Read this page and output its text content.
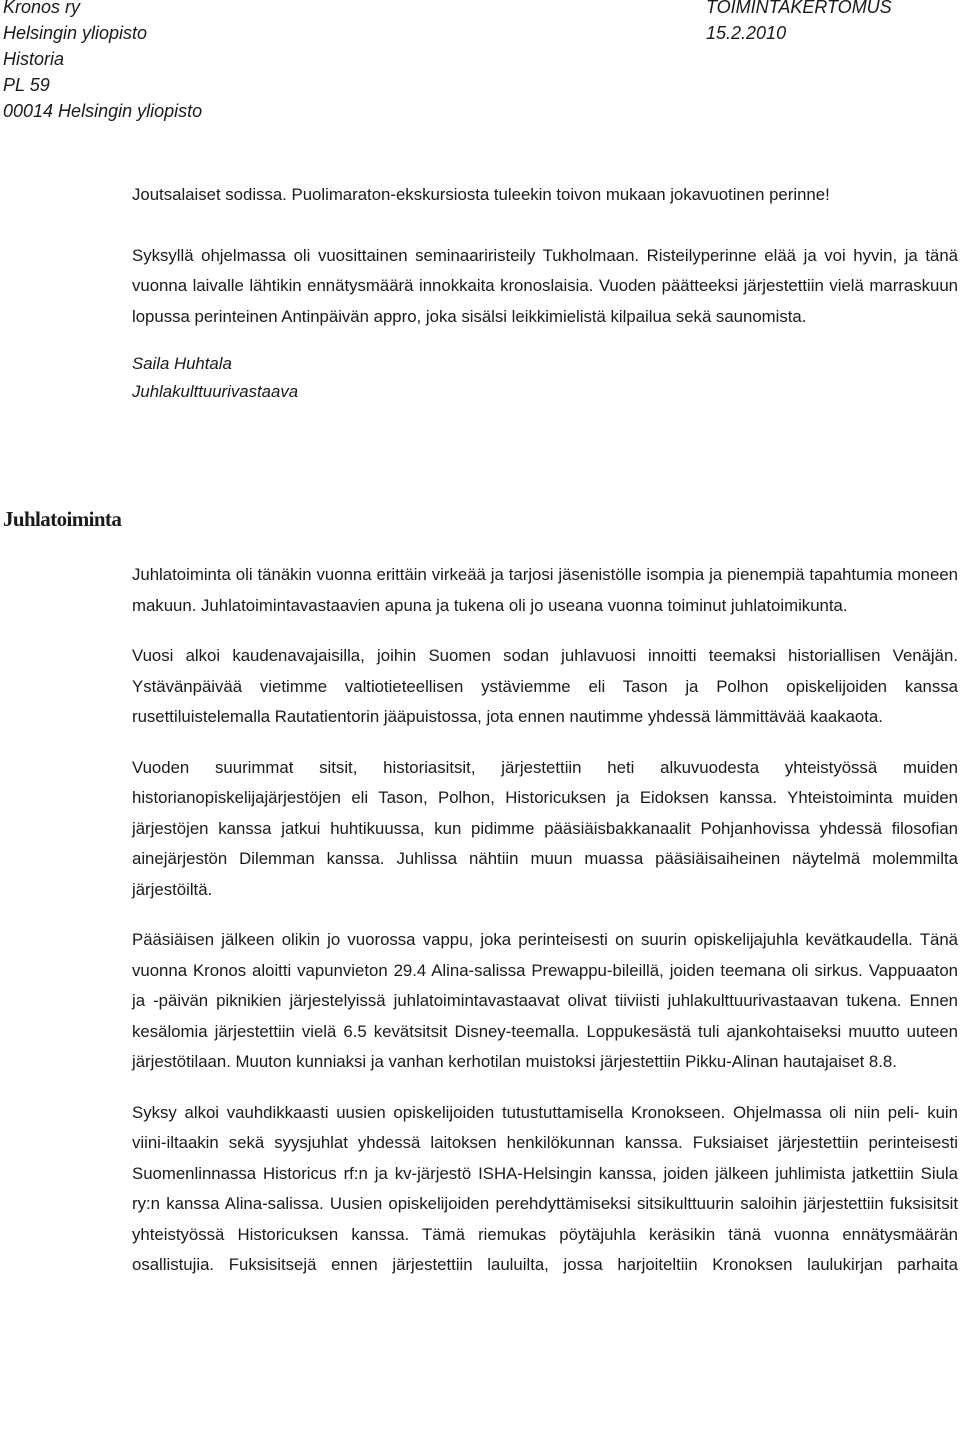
Kronos ry
Helsingin yliopisto
Historia
PL 59
00014 Helsingin yliopisto
TOIMINTAKERTOMUS
15.2.2010

Joutsalaiset sodissa. Puolimaraton-ekskursiosta tuleekin toivon mukaan jokavuotinen perinne!

Syksyllä ohjelmassa oli vuosittainen seminaariristeily Tukholmaan. Risteilyperinne elää ja voi hyvin, ja tänä vuonna laivalle lähtikin ennätysmäärä innokkaita kronoslaisia. Vuoden päätteeksi järjestettiin vielä marraskuun lopussa perinteinen Antinpäivän appro, joka sisälsi leikkimielistä kilpailua sekä saunomista.

Saila Huhtala

Juhlakulttuurivastaava

Juhlatoiminta

Juhlatoiminta oli tänäkin vuonna erittäin virkeää ja tarjosi jäsenistölle isompia ja pienempiä tapahtumia moneen makuun. Juhlatoimintavastaavien apuna ja tukena oli jo useana vuonna toiminut juhlatoimikunta.

Vuosi alkoi kaudenavajaisilla, joihin Suomen sodan juhlavuosi innoitti teemaksi historiallisen Venäjän. Ystävänpäivää vietimme valtiotieteellisen ystäviemme eli Tason ja Polhon opiskelijoiden kanssa rusettiluistelemalla Rautatientorin jääpuistossa, jota ennen nautimme yhdessä lämmittävää kaakaota.

Vuoden suurimmat sitsit, historiasitsit, järjestettiin heti alkuvuodesta yhteistyössä muiden historianopiskelijajärjestöjen eli Tason, Polhon, Historicuksen ja Eidoksen kanssa. Yhteistoiminta muiden järjestöjen kanssa jatkui huhtikuussa, kun pidimme pääsiäisbakkanaalit Pohjanhovissa yhdessä filosofian ainejärjestön Dilemman kanssa. Juhlissa nähtiin muun muassa pääsiäisaiheinen näytelmä molemmilta järjestöiltä.

Pääsiäisen jälkeen olikin jo vuorossa vappu, joka perinteisesti on suurin opiskelijajuhla kevätkaudella. Tänä vuonna Kronos aloitti vapunvieton 29.4 Alina-salissa Prewappu-bileillä, joiden teemana oli sirkus. Vappuaaton ja -päivän piknikien järjestelyissä juhlatoimintavastaavat olivat tiiviisti juhlakulttuurivastaavan tukena. Ennen kesälomia järjestettiin vielä 6.5 kevätsitsit Disney-teemalla. Loppukesästä tuli ajankohtaiseksi muutto uuteen järjestötilaan. Muuton kunniaksi ja vanhan kerhotilan muistoksi järjestettiin Pikku-Alinan hautajaiset 8.8.

Syksy alkoi vauhdikkaasti uusien opiskelijoiden tutustuttamisella Kronokseen. Ohjelmassa oli niin peli- kuin viini-iltaakin sekä syysjuhlat yhdessä laitoksen henkilökunnan kanssa. Fuksiaiset järjestettiin perinteisesti Suomenlinnassa Historicus rf:n ja kv-järjestö ISHA-Helsingin kanssa, joiden jälkeen juhlimista jatkettiin Siula ry:n kanssa Alina-salissa. Uusien opiskelijoiden perehdyttämiseksi sitsikulttuurin saloihin järjestettiin fuksisitsit yhteistyössä Historicuksen kanssa. Tämä riemukas pöytäjuhla keräsikin tänä vuonna ennätysmäärän osallistujia. Fuksisitsejä ennen järjestettiin lauluilta, jossa harjoiteltiin Kronoksen laulukirjan parhaita
